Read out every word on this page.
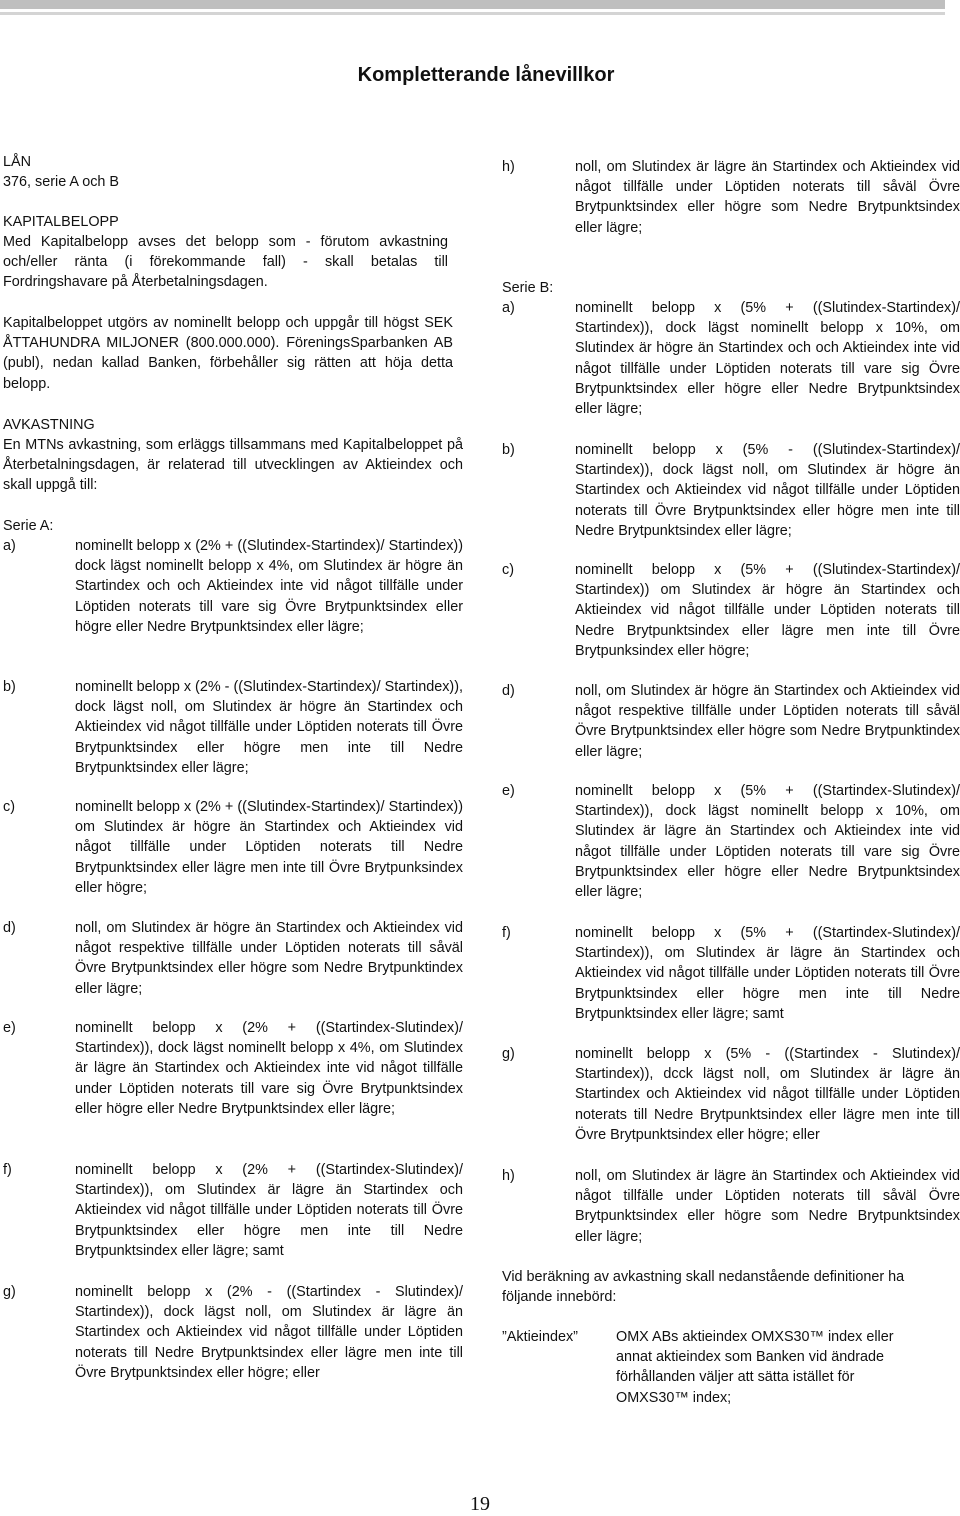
Kompletterande lånevillkor

LÅN

376, serie A och B

KAPITALBELOPP

Med Kapitalbelopp avses det belopp som - förutom avkastning och/eller ränta (i förekommande fall) - skall betalas till Fordringshavare på Återbetalningsdagen.

Kapitalbeloppet utgörs av nominellt belopp och uppgår till högst SEK ÅTTAHUNDRA MILJONER (800.000.000). FöreningsSparbanken AB (publ), nedan kallad Banken, förbehåller sig rätten att höja detta belopp.

AVKASTNING

En MTNs avkastning, som erläggs tillsammans med Kapitalbeloppet på Återbetalningsdagen, är relaterad till utvecklingen av Aktieindex och skall uppgå till:

Serie A:

a)	nominellt belopp x (2% + ((Slutindex-Startindex)/ Startindex)) dock lägst nominellt belopp x 4%, om Slutindex är högre än Startindex och och Aktieindex inte vid något tillfälle under Löptiden noterats till vare sig Övre Brytpunktsindex eller högre eller Nedre Brytpunktsindex eller lägre;
b)	nominellt belopp x (2% - ((Slutindex-Startindex)/ Startindex)), dock lägst noll, om Slutindex är högre än Startindex och Aktieindex vid något tillfälle under Löptiden noterats till Övre Brytpunktsindex eller högre men inte till Nedre Brytpunktsindex eller lägre;
c)	nominellt belopp x (2% + ((Slutindex-Startindex)/ Startindex)) om Slutindex är högre än Startindex och Aktieindex vid något tillfälle under Löptiden noterats till Nedre Brytpunktsindex eller lägre men inte till Övre Brytpunksindex eller högre;
d)	noll, om Slutindex är högre än Startindex och Aktieindex vid något respektive tillfälle under Löptiden noterats till såväl Övre Brytpunktsindex eller högre som Nedre Brytpunktindex eller lägre;
e)	nominellt belopp x (2% + ((Startindex-Slutindex)/ Startindex)), dock lägst nominellt belopp x 4%, om Slutindex är lägre än Startindex och Aktieindex inte vid något tillfälle under Löptiden noterats till vare sig Övre Brytpunktsindex eller högre eller Nedre Brytpunktsindex eller lägre;
f)	nominellt belopp x (2% + ((Startindex-Slutindex)/ Startindex)), om Slutindex är lägre än Startindex och Aktieindex vid något tillfälle under Löptiden noterats till Övre Brytpunktsindex eller högre men inte till Nedre Brytpunktsindex eller lägre; samt
g)	nominellt belopp x (2% - ((Startindex - Slutindex)/ Startindex)), dock lägst noll, om Slutindex är lägre än Startindex och Aktieindex vid något tillfälle under Löptiden noterats till Nedre Brytpunktsindex eller lägre men inte till Övre Brytpunktsindex eller högre; eller
h)	noll, om Slutindex är lägre än Startindex och Aktieindex vid något tillfälle under Löptiden noterats till såväl Övre Brytpunktsindex eller högre som Nedre Brytpunktsindex eller lägre;

Serie B:

a)	nominellt belopp x (5% + ((Slutindex-Startindex)/ Startindex)), dock lägst nominellt belopp x 10%, om Slutindex är högre än Startindex och och Aktieindex inte vid något tillfälle under Löptiden noterats till vare sig Övre Brytpunktsindex eller högre eller Nedre Brytpunktsindex eller lägre;
b)	nominellt belopp x (5% - ((Slutindex-Startindex)/ Startindex)), dock lägst noll, om Slutindex är högre än Startindex och Aktieindex vid något tillfälle under Löptiden noterats till Övre Brytpunktsindex eller högre men inte till Nedre Brytpunktsindex eller lägre;
c)	nominellt belopp x (5% + ((Slutindex-Startindex)/ Startindex)) om Slutindex är högre än Startindex och Aktieindex vid något tillfälle under Löptiden noterats till Nedre Brytpunktsindex eller lägre men inte till Övre Brytpunksindex eller högre;
d)	noll, om Slutindex är högre än Startindex och Aktieindex vid något respektive tillfälle under Löptiden noterats till såväl Övre Brytpunktsindex eller högre som Nedre Brytpunktindex eller lägre;
e)	nominellt belopp x (5% + ((Startindex-Slutindex)/ Startindex)), dock lägst nominellt belopp x 10%, om Slutindex är lägre än Startindex och Aktieindex inte vid något tillfälle under Löptiden noterats till vare sig Övre Brytpunktsindex eller högre eller Nedre Brytpunktsindex eller lägre;
f)	nominellt belopp x (5% + ((Startindex-Slutindex)/ Startindex)), om Slutindex är lägre än Startindex och Aktieindex vid något tillfälle under Löptiden noterats till Övre Brytpunktsindex eller högre men inte till Nedre Brytpunktsindex eller lägre; samt
g)	nominellt belopp x (5% - ((Startindex - Slutindex)/ Startindex)), dcck lägst noll, om Slutindex är lägre än Startindex och Aktieindex vid något tillfälle under Löptiden noterats till Nedre Brytpunktsindex eller lägre men inte till Övre Brytpunktsindex eller högre; eller
h)	noll, om Slutindex är lägre än Startindex och Aktieindex vid något tillfälle under Löptiden noterats till såväl Övre Brytpunktsindex eller högre som Nedre Brytpunktsindex eller lägre;

Vid beräkning av avkastning skall nedanstående definitioner ha följande innebörd:

”Aktieindex”	OMX ABs aktieindex OMXS30™ index eller annat aktieindex som Banken vid ändrade förhållanden väljer att sätta istället för OMXS30™ index;
19
